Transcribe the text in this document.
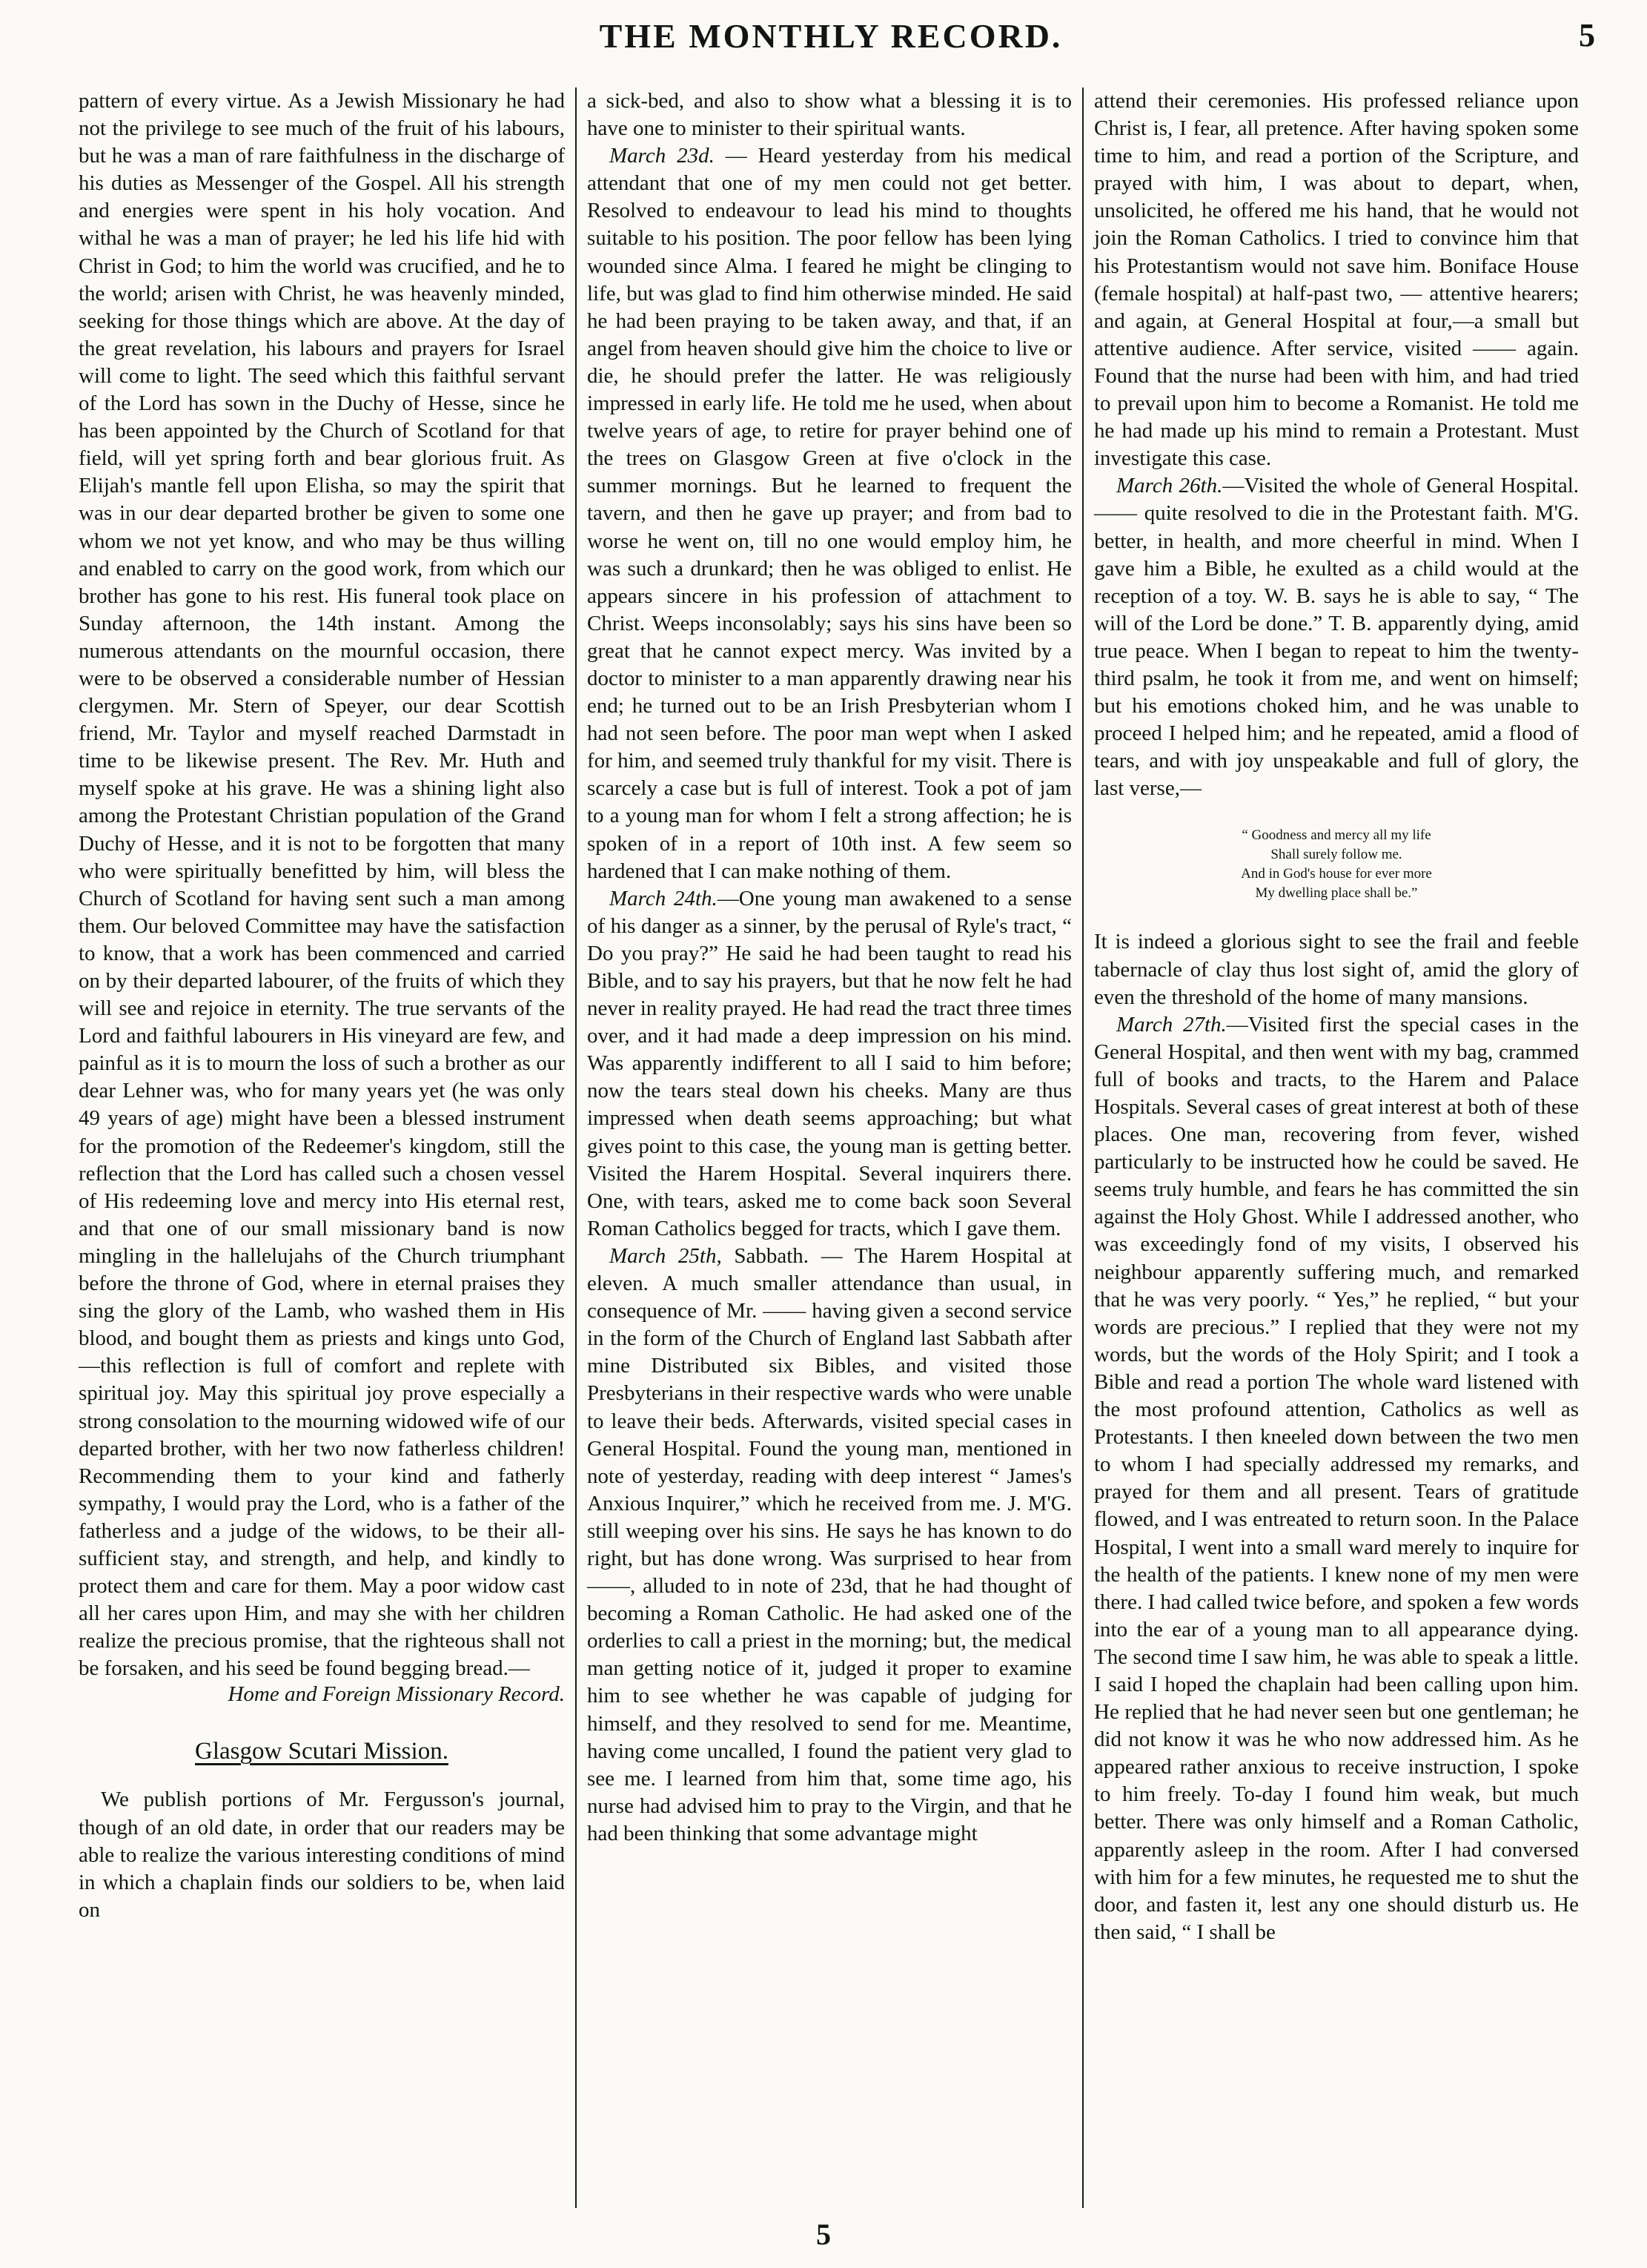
THE MONTHLY RECORD.	5

pattern of every virtue. As a Jewish Missionary he had not the privilege to see much of the fruit of his labours, but he was a man of rare faithfulness in the discharge of his duties as Messenger of the Gospel. All his strength and energies were spent in his holy vocation. And withal he was a man of prayer; he led his life hid with Christ in God; to him the world was crucified, and he to the world; arisen with Christ, he was heavenly minded, seeking for those things which are above. At the day of the great revelation, his labours and prayers for Israel will come to light. The seed which this faithful servant of the Lord has sown in the Duchy of Hesse, since he has been appointed by the Church of Scotland for that field, will yet spring forth and bear glorious fruit. As Elijah's mantle fell upon Elisha, so may the spirit that was in our dear departed brother be given to some one whom we not yet know, and who may be thus willing and enabled to carry on the good work, from which our brother has gone to his rest. His funeral took place on Sunday afternoon, the 14th instant. Among the numerous attendants on the mournful occasion, there were to be observed a considerable number of Hessian clergymen. Mr. Stern of Speyer, our dear Scottish friend, Mr. Taylor and myself reached Darmstadt in time to be likewise present. The Rev. Mr. Huth and myself spoke at his grave. He was a shining light also among the Protestant Christian population of the Grand Duchy of Hesse, and it is not to be forgotten that many who were spiritually benefitted by him, will bless the Church of Scotland for having sent such a man among them. Our beloved Committee may have the satisfaction to know, that a work has been commenced and carried on by their departed labourer, of the fruits of which they will see and rejoice in eternity. The true servants of the Lord and faithful labourers in His vineyard are few, and painful as it is to mourn the loss of such a brother as our dear Lehner was, who for many years yet (he was only 49 years of age) might have been a blessed instrument for the promotion of the Redeemer's kingdom, still the reflection that the Lord has called such a chosen vessel of His redeeming love and mercy into His eternal rest, and that one of our small missionary band is now mingling in the hallelujahs of the Church triumphant before the throne of God, where in eternal praises they sing the glory of the Lamb, who washed them in His blood, and bought them as priests and kings unto God,—this reflection is full of comfort and replete with spiritual joy. May this spiritual joy prove especially a strong consolation to the mourning widowed wife of our departed brother, with her two now fatherless children! Recommending them to your kind and fatherly sympathy, I would pray the Lord, who is a father of the fatherless and a judge of the widows, to be their all-sufficient stay, and strength, and help, and kindly to protect them and care for them. May a poor widow cast all her cares upon Him, and may she with her children realize the precious promise, that the righteous shall not be forsaken, and his seed be found begging bread.—

Home and Foreign Missionary Record.
Glasgow Scutari Mission.

We publish portions of Mr. Fergusson's journal, though of an old date, in order that our readers may be able to realize the various interesting conditions of mind in which a chaplain finds our soldiers to be, when laid on

a sick-bed, and also to show what a blessing it is to have one to minister to their spiritual wants.

March 23d. — Heard yesterday from his medical attendant that one of my men could not get better. Resolved to endeavour to lead his mind to thoughts suitable to his position. The poor fellow has been lying wounded since Alma. I feared he might be clinging to life, but was glad to find him otherwise minded. He said he had been praying to be taken away, and that, if an angel from heaven should give him the choice to live or die, he should prefer the latter. He was religiously impressed in early life. He told me he used, when about twelve years of age, to retire for prayer behind one of the trees on Glasgow Green at five o'clock in the summer mornings. But he learned to frequent the tavern, and then he gave up prayer; and from bad to worse he went on, till no one would employ him, he was such a drunkard; then he was obliged to enlist. He appears sincere in his profession of attachment to Christ. Weeps inconsolably; says his sins have been so great that he cannot expect mercy. Was invited by a doctor to minister to a man apparently drawing near his end; he turned out to be an Irish Presbyterian whom I had not seen before. The poor man wept when I asked for him, and seemed truly thankful for my visit. There is scarcely a case but is full of interest. Took a pot of jam to a young man for whom I felt a strong affection; he is spoken of in a report of 10th inst. A few seem so hardened that I can make nothing of them.

March 24th.—One young man awakened to a sense of his danger as a sinner, by the perusal of Ryle's tract, “ Do you pray?” He said he had been taught to read his Bible, and to say his prayers, but that he now felt he had never in reality prayed. He had read the tract three times over, and it had made a deep impression on his mind. Was apparently indifferent to all I said to him before; now the tears steal down his cheeks. Many are thus impressed when death seems approaching; but what gives point to this case, the young man is getting better. Visited the Harem Hospital. Several inquirers there. One, with tears, asked me to come back soon Several Roman Catholics begged for tracts, which I gave them.

March 25th, Sabbath. — The Harem Hospital at eleven. A much smaller attendance than usual, in consequence of Mr. —— having given a second service in the form of the Church of England last Sabbath after mine Distributed six Bibles, and visited those Presbyterians in their respective wards who were unable to leave their beds. Afterwards, visited special cases in General Hospital. Found the young man, mentioned in note of yesterday, reading with deep interest “ James's Anxious Inquirer,” which he received from me. J. M'G. still weeping over his sins. He says he has known to do right, but has done wrong. Was surprised to hear from ——, alluded to in note of 23d, that he had thought of becoming a Roman Catholic. He had asked one of the orderlies to call a priest in the morning; but, the medical man getting notice of it, judged it proper to examine him to see whether he was capable of judging for himself, and they resolved to send for me. Meantime, having come uncalled, I found the patient very glad to see me. I learned from him that, some time ago, his nurse had advised him to pray to the Virgin, and that he had been thinking that some advantage might

attend their ceremonies. His professed reliance upon Christ is, I fear, all pretence. After having spoken some time to him, and read a portion of the Scripture, and prayed with him, I was about to depart, when, unsolicited, he offered me his hand, that he would not join the Roman Catholics. I tried to convince him that his Protestantism would not save him. Boniface House (female hospital) at half-past two, — attentive hearers; and again, at General Hospital at four,—a small but attentive audience. After service, visited —— again. Found that the nurse had been with him, and had tried to prevail upon him to become a Romanist. He told me he had made up his mind to remain a Protestant. Must investigate this case.

March 26th.—Visited the whole of General Hospital. —— quite resolved to die in the Protestant faith. M'G. better, in health, and more cheerful in mind. When I gave him a Bible, he exulted as a child would at the reception of a toy. W. B. says he is able to say, “ The will of the Lord be done.” T. B. apparently dying, amid true peace. When I began to repeat to him the twenty-third psalm, he took it from me, and went on himself; but his emotions choked him, and he was unable to proceed I helped him; and he repeated, amid a flood of tears, and with joy unspeakable and full of glory, the last verse,—

“ Goodness and mercy all my life
Shall surely follow me.
And in God's house for ever more
My dwelling place shall be.”

It is indeed a glorious sight to see the frail and feeble tabernacle of clay thus lost sight of, amid the glory of even the threshold of the home of many mansions.

March 27th.—Visited first the special cases in the General Hospital, and then went with my bag, crammed full of books and tracts, to the Harem and Palace Hospitals. Several cases of great interest at both of these places. One man, recovering from fever, wished particularly to be instructed how he could be saved. He seems truly humble, and fears he has committed the sin against the Holy Ghost. While I addressed another, who was exceedingly fond of my visits, I observed his neighbour apparently suffering much, and remarked that he was very poorly. “ Yes,” he replied, “ but your words are precious.” I replied that they were not my words, but the words of the Holy Spirit; and I took a Bible and read a portion The whole ward listened with the most profound attention, Catholics as well as Protestants. I then kneeled down between the two men to whom I had specially addressed my remarks, and prayed for them and all present. Tears of gratitude flowed, and I was entreated to return soon. In the Palace Hospital, I went into a small ward merely to inquire for the health of the patients. I knew none of my men were there. I had called twice before, and spoken a few words into the ear of a young man to all appearance dying. The second time I saw him, he was able to speak a little. I said I hoped the chaplain had been calling upon him. He replied that he had never seen but one gentleman; he did not know it was he who now addressed him. As he appeared rather anxious to receive instruction, I spoke to him freely. To-day I found him weak, but much better. There was only himself and a Roman Catholic, apparently asleep in the room. After I had conversed with him for a few minutes, he requested me to shut the door, and fasten it, lest any one should disturb us. He then said, “ I shall be

5
